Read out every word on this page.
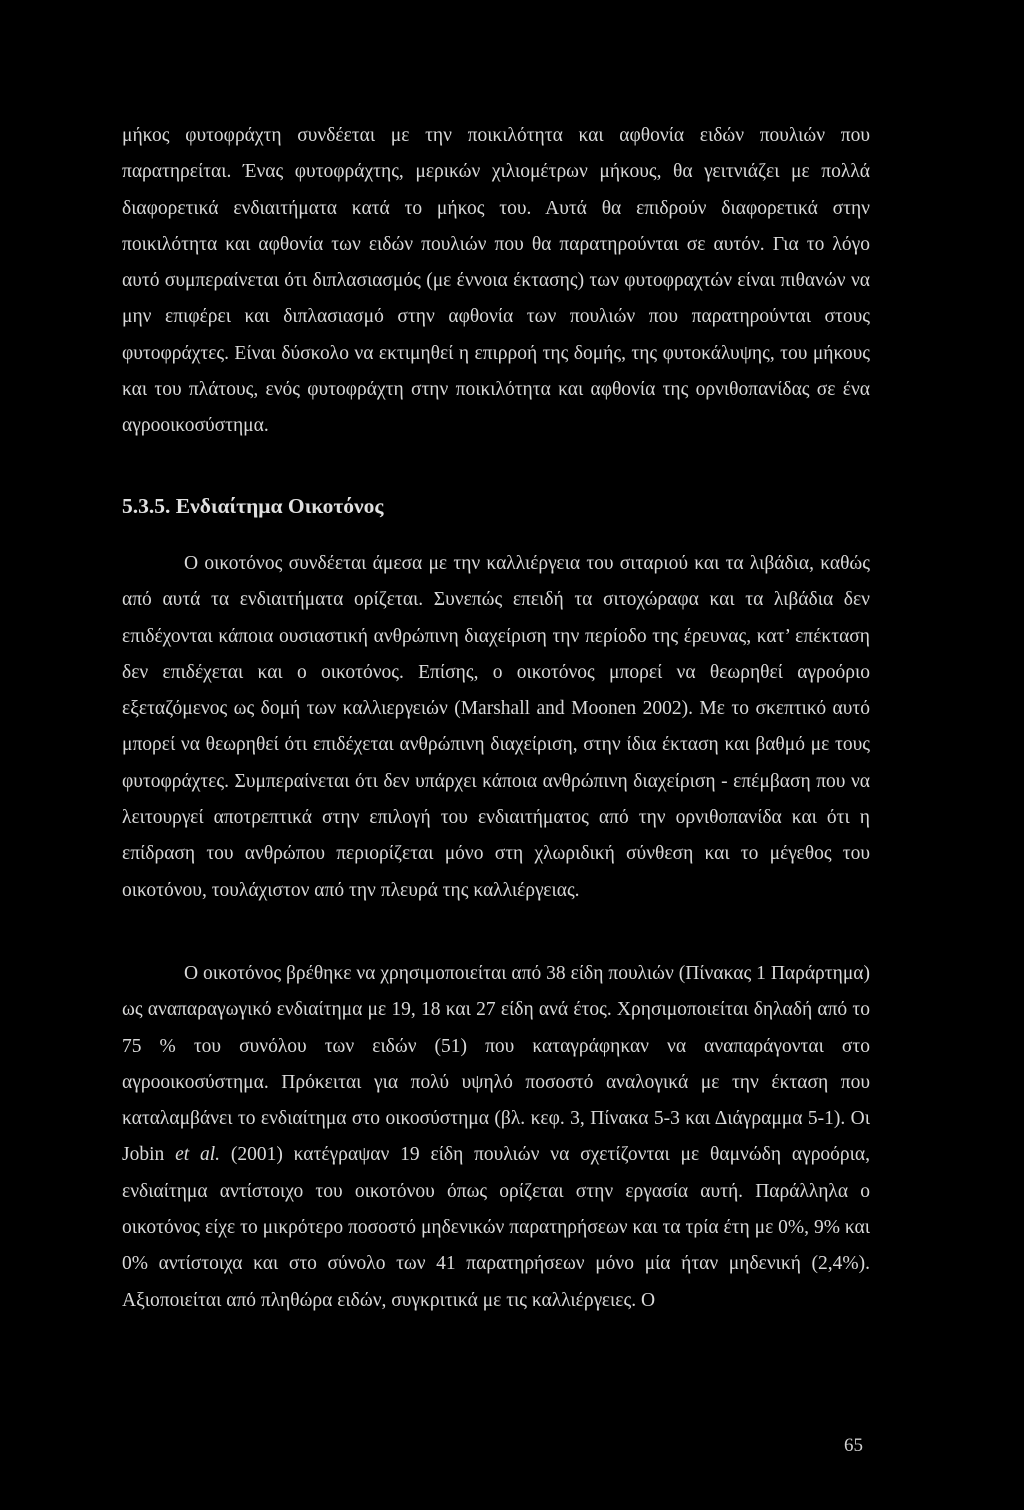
μήκος φυτοφράχτη συνδέεται με την ποικιλότητα και αφθονία ειδών πουλιών που παρατηρείται. Ένας φυτοφράχτης, μερικών χιλιομέτρων μήκους, θα γειτνιάζει με πολλά διαφορετικά ενδιαιτήματα κατά το μήκος του. Αυτά θα επιδρούν διαφορετικά στην ποικιλότητα και αφθονία των ειδών πουλιών που θα παρατηρούνται σε αυτόν. Για το λόγο αυτό συμπεραίνεται ότι διπλασιασμός (με έννοια έκτασης) των φυτοφραχτών είναι πιθανών να μην επιφέρει και διπλασιασμό στην αφθονία των πουλιών που παρατηρούνται στους φυτοφράχτες. Είναι δύσκολο να εκτιμηθεί η επιρροή της δομής, της φυτοκάλυψης, του μήκους και του πλάτους, ενός φυτοφράχτη στην ποικιλότητα και αφθονία της ορνιθοπανίδας σε ένα αγροοικοσύστημα.

5.3.5. Ενδιαίτημα Οικοτόνος

Ο οικοτόνος συνδέεται άμεσα με την καλλιέργεια του σιταριού και τα λιβάδια, καθώς από αυτά τα ενδιαιτήματα ορίζεται. Συνεπώς επειδή τα σιτοχώραφα και τα λιβάδια δεν επιδέχονται κάποια ουσιαστική ανθρώπινη διαχείριση την περίοδο της έρευνας, κατ’ επέκταση δεν επιδέχεται και ο οικοτόνος. Επίσης, ο οικοτόνος μπορεί να θεωρηθεί αγροόριο εξεταζόμενος ως δομή των καλλιεργειών (Marshall and Moonen 2002). Με το σκεπτικό αυτό μπορεί να θεωρηθεί ότι επιδέχεται ανθρώπινη διαχείριση, στην ίδια έκταση και βαθμό με τους φυτοφράχτες. Συμπεραίνεται ότι δεν υπάρχει κάποια ανθρώπινη διαχείριση - επέμβαση που να λειτουργεί αποτρεπτικά στην επιλογή του ενδιαιτήματος από την ορνιθοπανίδα και ότι η επίδραση του ανθρώπου περιορίζεται μόνο στη χλωριδική σύνθεση και το μέγεθος του οικοτόνου, τουλάχιστον από την πλευρά της καλλιέργειας.

Ο οικοτόνος βρέθηκε να χρησιμοποιείται από 38 είδη πουλιών (Πίνακας 1 Παράρτημα) ως αναπαραγωγικό ενδιαίτημα με 19, 18 και 27 είδη ανά έτος. Χρησιμοποιείται δηλαδή από το 75 % του συνόλου των ειδών (51) που καταγράφηκαν να αναπαράγονται στο αγροοικοσύστημα. Πρόκειται για πολύ υψηλό ποσοστό αναλογικά με την έκταση που καταλαμβάνει το ενδιαίτημα στο οικοσύστημα (βλ. κεφ. 3, Πίνακα 5-3 και Διάγραμμα 5-1). Οι Jobin et al. (2001) κατέγραψαν 19 είδη πουλιών να σχετίζονται με θαμνώδη αγροόρια, ενδιαίτημα αντίστοιχο του οικοτόνου όπως ορίζεται στην εργασία αυτή. Παράλληλα ο οικοτόνος είχε το μικρότερο ποσοστό μηδενικών παρατηρήσεων και τα τρία έτη με 0%, 9% και 0% αντίστοιχα και στο σύνολο των 41 παρατηρήσεων μόνο μία ήταν μηδενική (2,4%). Αξιοποιείται από πληθώρα ειδών, συγκριτικά με τις καλλιέργειες. Ο

65
